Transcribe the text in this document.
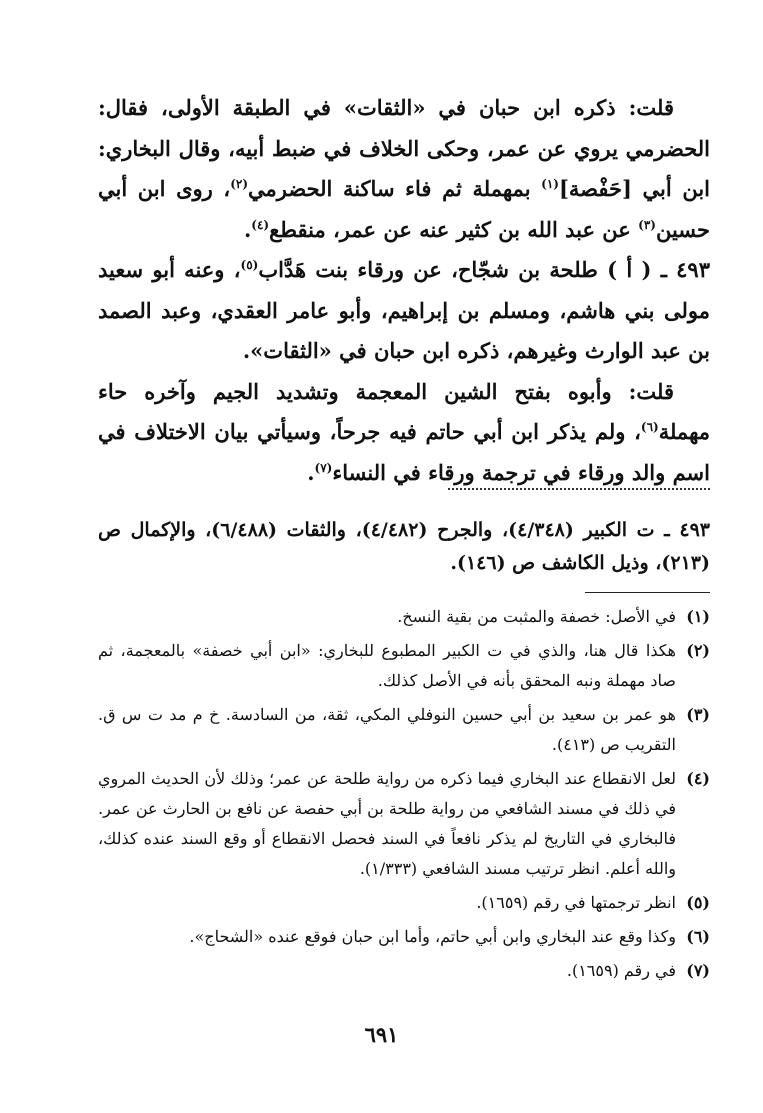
قلت: ذكره ابن حبان في «الثقات» في الطبقة الأولى، فقال: الحضرمي يروي عن عمر، وحكى الخلاف في ضبط أبيه، وقال البخاري: ابن أبي [حَفْصة]$^{(١)}$ بمهملة ثم فاء ساكنة الحضرمي$^{(٢)}$، روى ابن أبي حسين$^{(٣)}$ عن عبد الله بن كثير عنه عن عمر، منقطع$^{(٤)}$.

٤٩٣ ـ ( أ ) طلحة بن شجّاح، عن ورقاء بنت هَدَّاب$^{(٥)}$، وعنه أبو سعيد مولى بني هاشم، ومسلم بن إبراهيم، وأبو عامر العقدي، وعبد الصمد بن عبد الوارث وغيرهم، ذكره ابن حبان في «الثقات».

قلت: وأبوه بفتح الشين المعجمة وتشديد الجيم وآخره حاء مهملة$^{(٦)}$، ولم يذكر ابن أبي حاتم فيه جرحاً، وسيأتي بيان الاختلاف في اسم والد ورقاء في ترجمة ورقاء في النساء$^{(٧)}$.

٤٩٣ ـ ت الكبير (٤/٣٤٨)، والجرح (٤/٤٨٢)، والثقات (٦/٤٨٨)، والإكمال ص (٢١٣)، وذيل الكاشف ص (١٤٦).

(١)
في الأصل: خصفة والمثبت من بقية النسخ.
(٢)
هكذا قال هنا، والذي في ت الكبير المطبوع للبخاري: «ابن أبي خصفة» بالمعجمة، ثم صاد مهملة ونبه المحقق بأنه في الأصل كذلك.
(٣)
هو عمر بن سعيد بن أبي حسين النوفلي المكي، ثقة، من السادسة. خ م مد ت س ق. التقريب ص (٤١٣).
(٤)
لعل الانقطاع عند البخاري فيما ذكره من رواية طلحة عن عمر؛ وذلك لأن الحديث المروي في ذلك في مسند الشافعي من رواية طلحة بن أبي حفصة عن نافع بن الحارث عن عمر. فالبخاري في التاريخ لم يذكر نافعاً في السند فحصل الانقطاع أو وقع السند عنده كذلك، والله أعلم. انظر ترتيب مسند الشافعي (١/٣٣٣).
(٥)
انظر ترجمتها في رقم (١٦٥٩).
(٦)
وكذا وقع عند البخاري وابن أبي حاتم، وأما ابن حبان فوقع عنده «الشحاج».
(٧)
في رقم (١٦٥٩).
٦٩١
